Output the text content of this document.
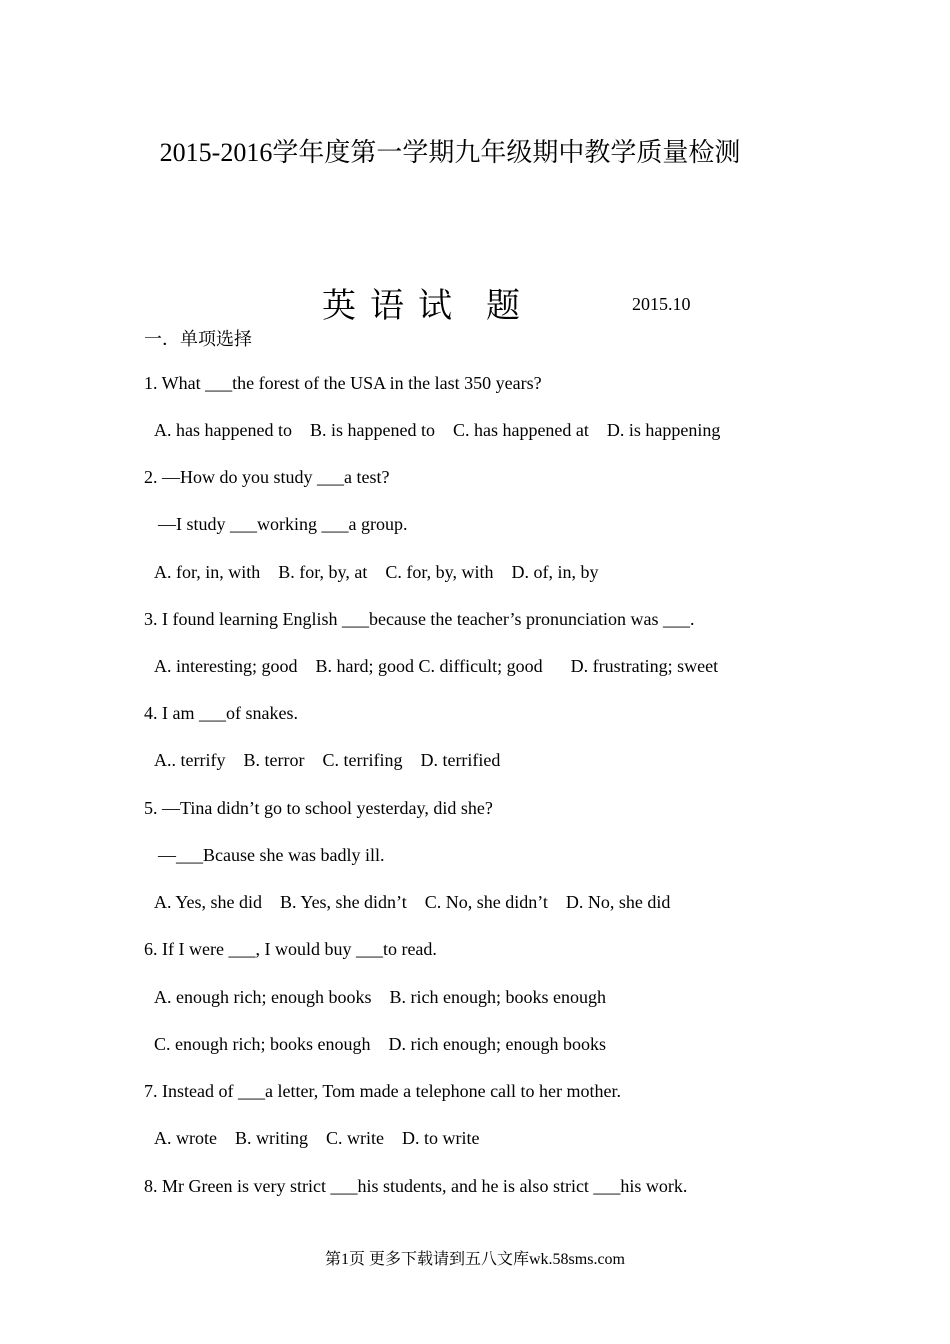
2015-2016学年度第一学期九年级期中教学质量检测
英 语 试 题	2015.10
一．单项选择
1. What ___the forest of the USA in the last 350 years?
A. has happened to B. is happened to C. has happened at D. is happening
2. —How do you study ___a test?
—I study ___working ___a group.
A. for, in, with B. for, by, at C. for, by, with D. of, in, by
3. I found learning English ___because the teacher’s pronunciation was ___.
A. interesting; good B. hard; good C. difficult; good D. frustrating; sweet
4. I am ___of snakes.
A.. terrify B. terror C. terrifing D. terrified
5. —Tina didn’t go to school yesterday, did she?
—___Bcause she was badly ill.
A. Yes, she did B. Yes, she didn’t C. No, she didn’t D. No, she did
6. If I were ___, I would buy ___to read.
A. enough rich; enough books B. rich enough; books enough
C. enough rich; books enough D. rich enough; enough books
7. Instead of ___a letter, Tom made a telephone call to her mother.
A. wrote B. writing C. write D. to write
8. Mr Green is very strict ___his students, and he is also strict ___his work.
第1页 更多下载请到五八文库wk.58sms.com
